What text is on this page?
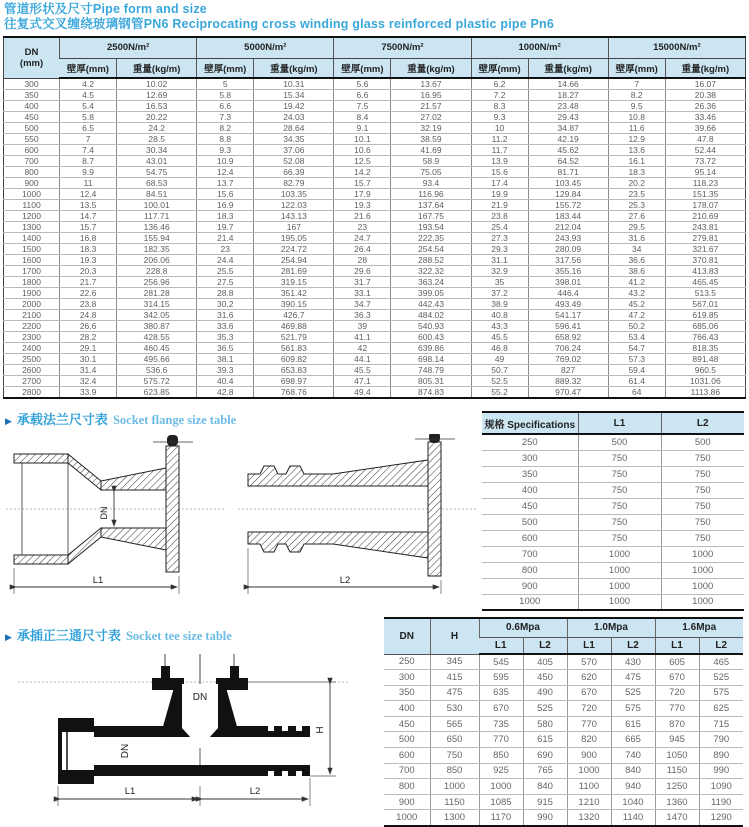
管道形状及尺寸Pipe form and size
往复式交叉缠绕玻璃钢管PN6 Reciprocating cross winding glass reinforced plastic pipe Pn6
DN
(mm)	2500N/m²		5000N/m²		7500N/m²		1000N/m²		15000N/m²	
	壁厚(mm)	重量(kg/m)	壁厚(mm)	重量(kg/m)	壁厚(mm)	重量(kg/m)	壁厚(mm)	重量(kg/m)	壁厚(mm)	重量(kg/m)
300	4.2	10.02	5	10.31	5.6	13.67	6.2	14.66	7	16.07
350	4.5	12.69	5.8	15.34	6.6	16.95	7.2	18.27	8.2	20.38
400	5.4	16.53	6.6	19.42	7.5	21.57	8.3	23.48	9.5	26.36
450	5.8	20.22	7.3	24.03	8.4	27.02	9.3	29.43	10.8	33.46
500	6.5	24.2	8.2	28.64	9.1	32.19	10	34.87	11.6	39.66
550	7	28.5	8.8	34.35	10.1	38.59	11.2	42.19	12.9	47.8
600	7.4	30.34	9.3	37.06	10.6	41.69	11.7	45.62	13.6	52.44
700	8.7	43.01	10.9	52.08	12.5	58.9	13.9	64.52	16.1	73.72
800	9.9	54.75	12.4	66.39	14.2	75.05	15.6	81.71	18.3	95.14
900	11	68.53	13.7	82.79	15.7	93.4	17.4	103.45	20.2	118.23
1000	12.4	84.51	15.6	103.35	17.9	116.96	19.9	129.84	23.5	151.35
1100	13.5	100.01	16.9	122.03	19.3	137.64	21.9	155.72	25.3	178.07
1200	14.7	117.71	18.3	143.13	21.6	167.75	23.8	183.44	27.6	210.69
1300	15.7	136.46	19.7	167	23	193.54	25.4	212.04	29.5	243.81
1400	16.8	155.94	21.4	195.05	24.7	222.35	27.3	243.93	31.6	279.81
1500	18.3	182.35	23	224.72	26.4	254.54	29.3	280.09	34	321.67
1600	19.3	206.06	24.4	254.94	28	288.52	31.1	317.56	36.6	370.81
1700	20.3	228.8	25.5	281.69	29.6	322.32	32.9	355.16	38.6	413.83
1800	21.7	256.96	27.5	319.15	31.7	363.24	35	398.01	41.2	465.45
1900	22.6	281.28	28.8	351.42	33.1	399.05	37.2	446.4	43.2	513.5
2000	23.8	314.15	30.2	390.15	34.7	442.43	38.9	493.49	45.2	567.01
2100	24.8	342.05	31.6	426.7	36.3	484.02	40.8	541.17	47.2	619.85
2200	26.6	380.87	33.6	469.88	39	540.93	43.3	596.41	50.2	685.06
2300	28.2	428.55	35.3	521.79	41.1	600.43	45.5	658.92	53.4	766.43
2400	29.1	460.45	36.5	561.83	42	639.86	46.8	706.24	54.7	818.35
2500	30.1	495.66	38.1	609.82	44.1	698.14	49	769.02	57.3	891.48
2600	31.4	536.6	39.3	653.83	45.5	748.79	50.7	827	59.4	960.5
2700	32.4	575.72	40.4	698.97	47.1	805.31	52.5	889.32	61.4	1031.06
2800	33.9	623.85	42.8	768.76	49.4	874.83	55.2	970.47	64	1113.86
▶ 承载法兰尺寸表 Socket flange size table
DN
L1	L2
规格 Specifications	L1	L2
250	500	500
300	750	750
350	750	750
400	750	750
450	750	750
500	750	750
600	750	750
700	1000	1000
800	1000	1000
900	1000	1000
1000	1000	1000
▶ 承插正三通尺寸表 Socket tee size table
DN
DN
H
L1	L2
DN	H	0.6Mpa		1.0Mpa		1.6Mpa	
		L1	L2	L1	L2	L1	L2
250	345	545	405	570	430	605	465
300	415	595	450	620	475	670	525
350	475	635	490	670	525	720	575
400	530	670	525	720	575	770	625
450	565	735	580	770	615	870	715
500	650	770	615	820	665	945	790
600	750	850	690	900	740	1050	890
700	850	925	765	1000	840	1150	990
800	1000	1000	840	1100	940	1250	1090
900	1150	1085	915	1210	1040	1360	1190
1000	1300	1170	990	1320	1140	1470	1290
